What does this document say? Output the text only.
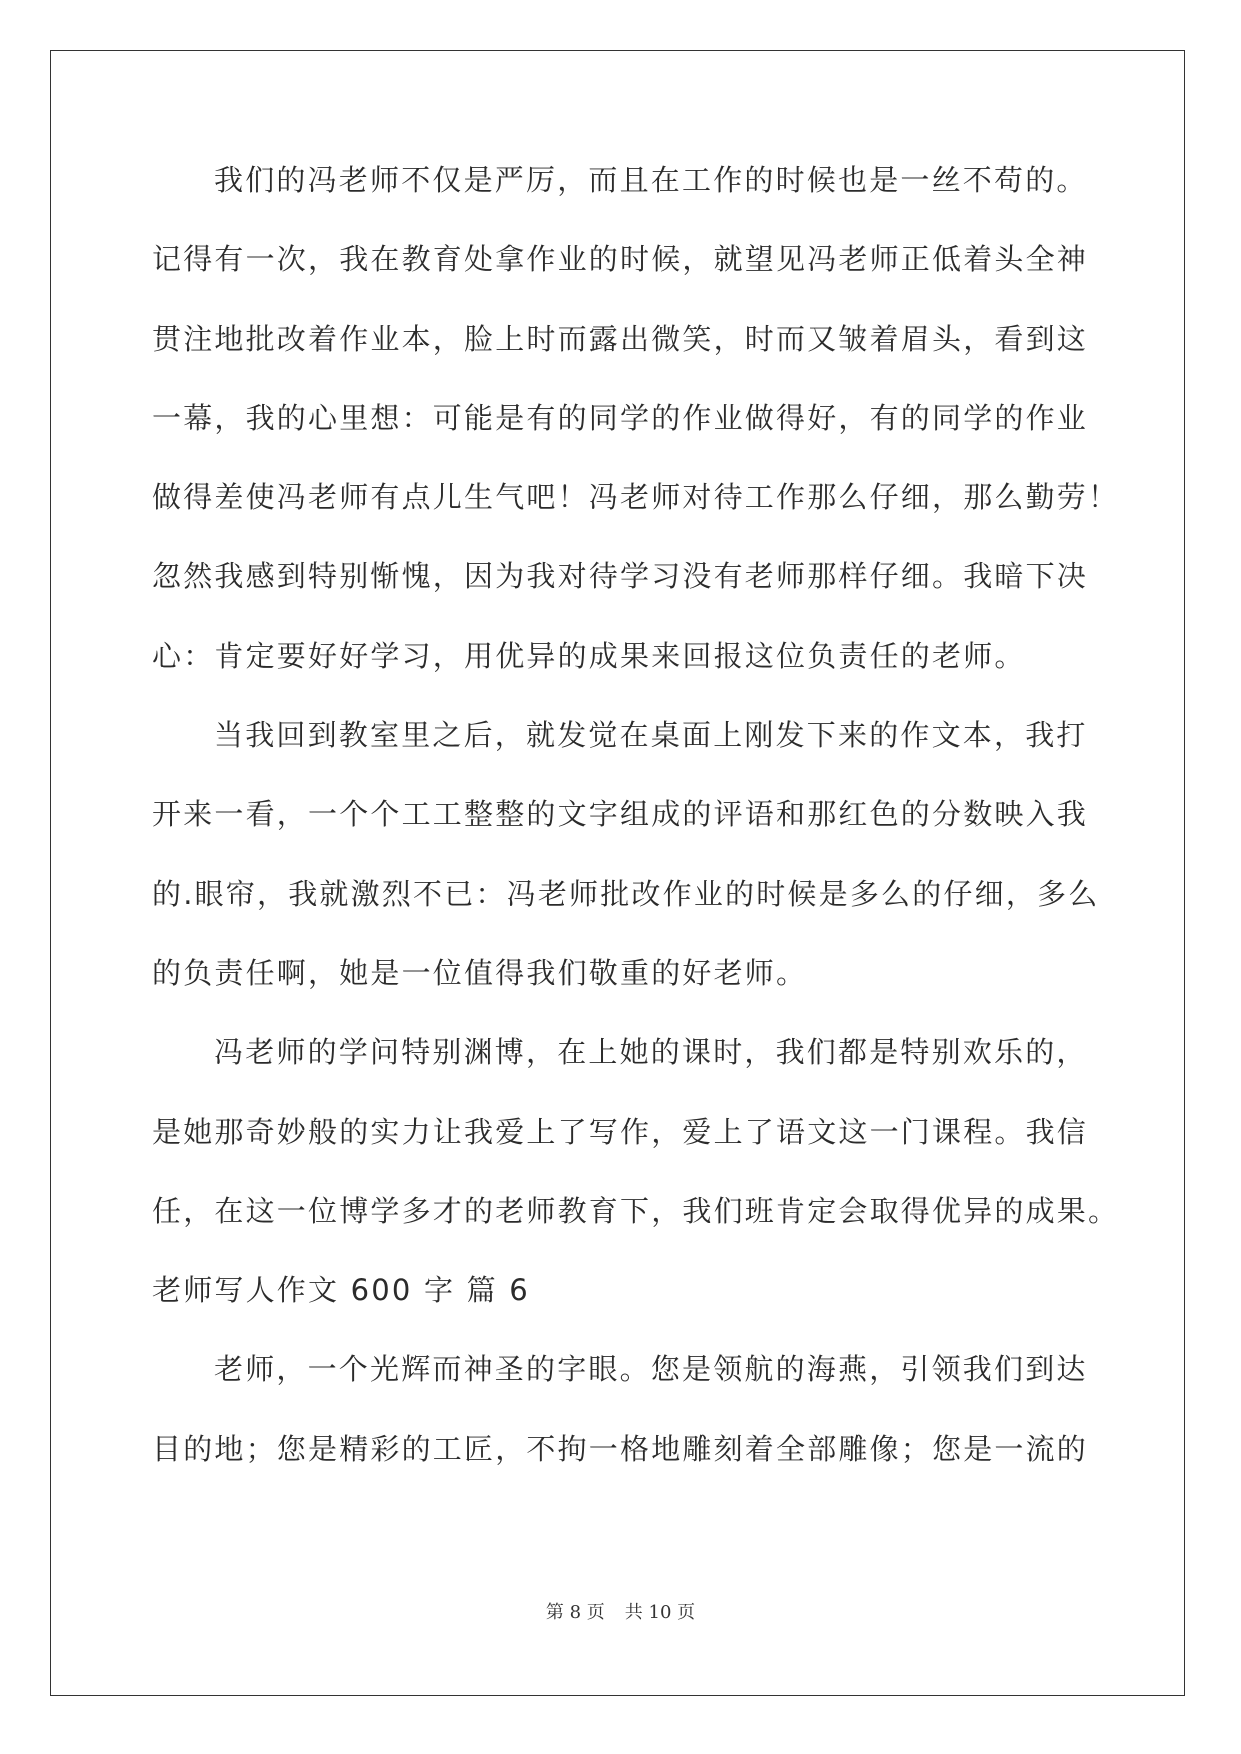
我们的冯老师不仅是严厉，而且在工作的时候也是一丝不苟的。
记得有一次，我在教育处拿作业的时候，就望见冯老师正低着头全神
贯注地批改着作业本，脸上时而露出微笑，时而又皱着眉头，看到这
一幕，我的心里想：可能是有的同学的作业做得好，有的同学的作业
做得差使冯老师有点儿生气吧！冯老师对待工作那么仔细，那么勤劳！
忽然我感到特别惭愧，因为我对待学习没有老师那样仔细。我暗下决
心：肯定要好好学习，用优异的成果来回报这位负责任的老师。
当我回到教室里之后，就发觉在桌面上刚发下来的作文本，我打
开来一看，一个个工工整整的文字组成的评语和那红色的分数映入我
的.眼帘，我就激烈不已：冯老师批改作业的时候是多么的仔细，多么
的负责任啊，她是一位值得我们敬重的好老师。
冯老师的学问特别渊博，在上她的课时，我们都是特别欢乐的，
是她那奇妙般的实力让我爱上了写作，爱上了语文这一门课程。我信
任，在这一位博学多才的老师教育下，我们班肯定会取得优异的成果。
老师写人作文 600 字 篇 6
老师，一个光辉而神圣的字眼。您是领航的海燕，引领我们到达
目的地；您是精彩的工匠，不拘一格地雕刻着全部雕像；您是一流的
第 8 页 共 10 页
